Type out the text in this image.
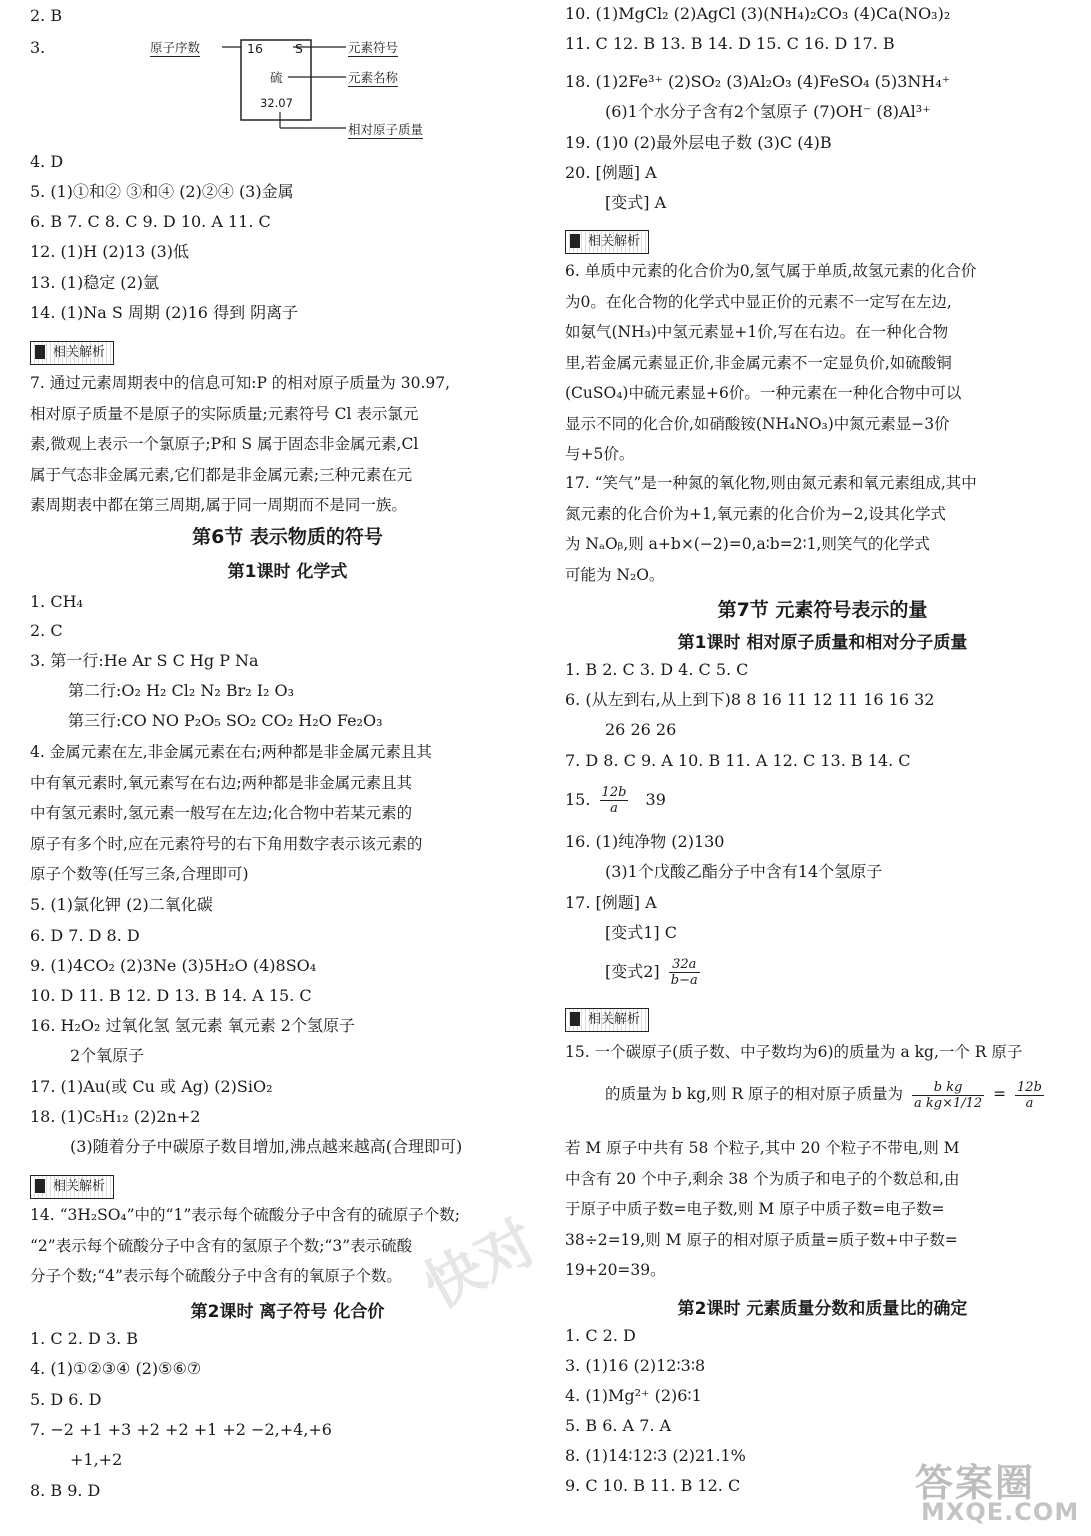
2. B
3.	原子序数	16	S
硫
32.07
元素符号
元素名称
相对原子质量
4. D
5. (1)①和② ③和④ (2)②④ (3)金属
6. B 7. C 8. C 9. D 10. A 11. C
12. (1)H (2)13 (3)低
13. (1)稳定 (2)氩
14. (1)Na S 周期 (2)16 得到 阴离子
相关解析
7. 通过元素周期表中的信息可知:P 的相对原子质量为 30.97,
相对原子质量不是原子的实际质量;元素符号 Cl 表示氯元
素,微观上表示一个氯原子;P和 S 属于固态非金属元素,Cl
属于气态非金属元素,它们都是非金属元素;三种元素在元
素周期表中都在第三周期,属于同一周期而不是同一族。
第6节 表示物质的符号
第1课时 化学式
1. CH₄
2. C
3. 第一行:He Ar S C Hg P Na
第二行:O₂ H₂ Cl₂ N₂ Br₂ I₂ O₃
第三行:CO NO P₂O₅ SO₂ CO₂ H₂O Fe₂O₃
4. 金属元素在左,非金属元素在右;两种都是非金属元素且其
中有氧元素时,氧元素写在右边;两种都是非金属元素且其
中有氢元素时,氢元素一般写在左边;化合物中若某元素的
原子有多个时,应在元素符号的右下角用数字表示该元素的
原子个数等(任写三条,合理即可)
5. (1)氯化钾 (2)二氧化碳
6. D 7. D 8. D
9. (1)4CO₂ (2)3Ne (3)5H₂O (4)8SO₄
10. D 11. B 12. D 13. B 14. A 15. C
16. H₂O₂ 过氧化氢 氢元素 氧元素 2个氢原子
2个氧原子
17. (1)Au(或 Cu 或 Ag) (2)SiO₂
18. (1)C₅H₁₂ (2)2n+2
(3)随着分子中碳原子数目增加,沸点越来越高(合理即可)
相关解析
14. “3H₂SO₄”中的“1”表示每个硫酸分子中含有的硫原子个数;
“2”表示每个硫酸分子中含有的氢原子个数;“3”表示硫酸
分子个数;“4”表示每个硫酸分子中含有的氧原子个数。
第2课时 离子符号 化合价
1. C 2. D 3. B
4. (1)①②③④ (2)⑤⑥⑦
5. D 6. D
7. −2 +1 +3 +2 +2 +1 +2 −2,+4,+6
+1,+2
8. B 9. D
10. (1)MgCl₂ (2)AgCl (3)(NH₄)₂CO₃ (4)Ca(NO₃)₂
11. C 12. B 13. B 14. D 15. C 16. D 17. B
18. (1)2Fe³⁺ (2)SO₂ (3)Al₂O₃ (4)FeSO₄ (5)3NH₄⁺
(6)1个水分子含有2个氢原子 (7)OH⁻ (8)Al³⁺
19. (1)0 (2)最外层电子数 (3)C (4)B
20. [例题] A
[变式] A
相关解析
6. 单质中元素的化合价为0,氢气属于单质,故氢元素的化合价
为0。在化合物的化学式中显正价的元素不一定写在左边,
如氨气(NH₃)中氢元素显+1价,写在右边。在一种化合物
里,若金属元素显正价,非金属元素不一定显负价,如硫酸铜
(CuSO₄)中硫元素显+6价。一种元素在一种化合物中可以
显示不同的化合价,如硝酸铵(NH₄NO₃)中氮元素显−3价
与+5价。
17. “笑气”是一种氮的氧化物,则由氮元素和氧元素组成,其中
氮元素的化合价为+1,氧元素的化合价为−2,设其化学式
为 NₐOᵦ,则 a+b×(−2)=0,a∶b=2∶1,则笑气的化学式
可能为 N₂O。
第7节 元素符号表示的量
第1课时 相对原子质量和相对分子质量
1. B 2. C 3. D 4. C 5. C
6. (从左到右,从上到下)8 8 16 11 12 11 16 16 32
26 26 26
7. D 8. C 9. A 10. B 11. A 12. C 13. B 14. C
15. $\frac{12b}{a} 39$
16. (1)纯净物 (2)130
(3)1个戊酸乙酯分子中含有14个氢原子
17. [例题] A
[变式1] C
[变式$2] \frac{32a}{b-a}$
相关解析
15. 一个碳原子(质子数、中子数均为6)的质量为 a kg,一个 R 原子
的质量为 b kg,则 R 原子的相对原子质量为 $\frac{\text{b kg}}{\text{a kg×1/12}} = \frac{12b}{a}$
若 M 原子中共有 58 个粒子,其中 20 个粒子不带电,则 M
中含有 20 个中子,剩余 38 个为质子和电子的个数总和,由
于原子中质子数=电子数,则 M 原子中质子数=电子数=
38÷2=19,则 M 原子的相对原子质量=质子数+中子数=
19+20=39。
第2课时 元素质量分数和质量比的确定
1. C 2. D
3. (1)16 (2)12∶3∶8
4. (1)Mg²⁺ (2)6∶1
5. B 6. A 7. A
8. (1)14∶12∶3 (2)21.1%
9. C 10. B 11. B 12. C
快对
答案圈
MXQE.COM
